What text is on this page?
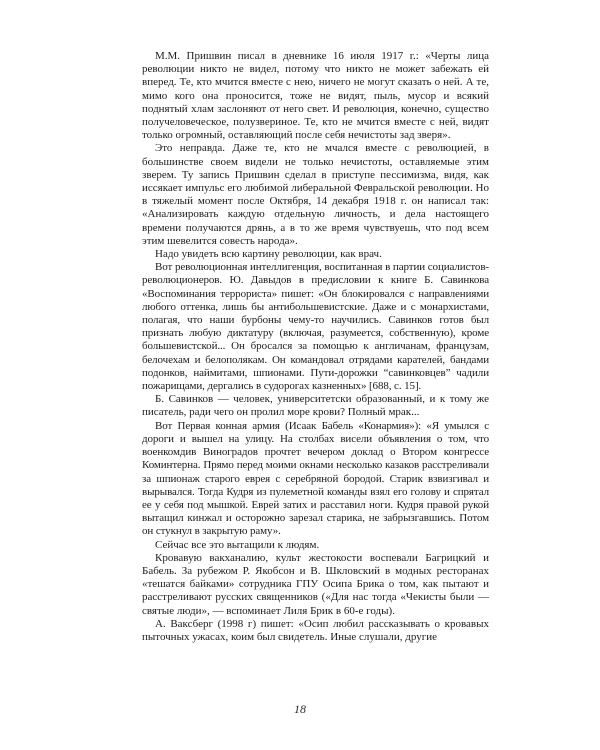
М.М. Пришвин писал в дневнике 16 июля 1917 г.: «Черты лица революции никто не видел, потому что никто не может забежать ей вперед. Те, кто мчится вместе с нею, ничего не могут сказать о ней. А те, мимо кого она проносится, тоже не видят, пыль, мусор и всякий поднятый хлам заслоняют от него свет. И революция, конечно, существо получеловеческое, полузвериное. Те, кто не мчится вместе с ней, видят только огромный, оставляющий после себя нечистоты зад зверя».

Это неправда. Даже те, кто не мчался вместе с революцией, в большинстве своем видели не только нечистоты, оставляемые этим зверем. Ту запись Пришвин сделал в приступе пессимизма, видя, как иссякает импульс его любимой либеральной Февральской революции. Но в тяжелый момент после Октября, 14 декабря 1918 г. он написал так: «Анализировать каждую отдельную личность, и дела настоящего времени получаются дрянь, а в то же время чувствуешь, что под всем этим шевелится совесть народа».

Надо увидеть всю картину революции, как врач.

Вот революционная интеллигенция, воспитанная в партии социалистов-революционеров. Ю. Давыдов в предисловии к книге Б. Савинкова «Воспоминания террориста» пишет: «Он блокировался с направлениями любого оттенка, лишь бы антибольшевистские. Даже и с монархистами, полагая, что наши бурбоны чему-то научились. Савинков готов был признать любую диктатуру (включая, разумеется, собственную), кроме большевистской... Он бросался за помощью к англичанам, французам, белочехам и белополякам. Он командовал отрядами карателей, бандами подонков, наймитами, шпионами. Пути-дорожки “савинковцев” чадили пожарищами, дергались в судорогах казненных» [688, с. 15].

Б. Савинков — человек, университетски образованный, и к тому же писатель, ради чего он пролил море крови? Полный мрак...

Вот Первая конная армия (Исаак Бабель «Конармия»): «Я умылся с дороги и вышел на улицу. На столбах висели объявления о том, что военкомдив Виноградов прочтет вечером доклад о Втором конгрессе Коминтерна. Прямо перед моими окнами несколько казаков расстреливали за шпионаж старого еврея с серебряной бородой. Старик взвизгивал и вырывался. Тогда Кудря из пулеметной команды взял его голову и спрятал ее у себя под мышкой. Еврей затих и расставил ноги. Кудря правой рукой вытащил кинжал и осторожно зарезал старика, не забрызгавшись. Потом он стукнул в закрытую раму».

Сейчас все это вытащили к людям.

Кровавую вакханалию, культ жестокости воспевали Багрицкий и Бабель. За рубежом Р. Якобсон и В. Шкловский в модных ресторанах «тешатся байками» сотрудника ГПУ Осипа Брика о том, как пытают и расстреливают русских священников («Для нас тогда «Чекисты были — святые люди», — вспоминает Лиля Брик в 60-е годы).

А. Ваксберг (1998 г) пишет: «Осип любил рассказывать о кровавых пыточных ужасах, коим был свидетель. Иные слушали, другие

18
